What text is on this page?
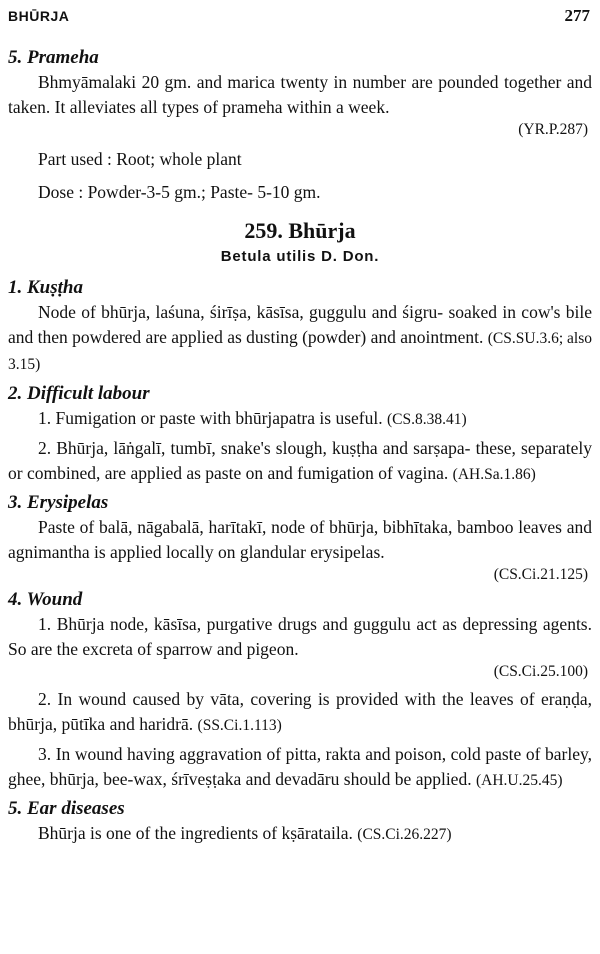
BHŪRJA	277
5. Prameha

Bhmyāmalaki 20 gm. and marica twenty in number are pounded together and taken. It alleviates all types of prameha within a week.

(YR.P.287)
Part used : Root; whole plant
Dose : Powder-3-5 gm.; Paste- 5-10 gm.
259. Bhūrja
Betula utilis D. Don.
1. Kuṣṭha

Node of bhūrja, laśuna, śirīṣa, kāsīsa, guggulu and śigru- soaked in cow's bile and then powdered are applied as dusting (powder) and anointment. (CS.SU.3.6; also 3.15)

2. Difficult labour

1. Fumigation or paste with bhūrjapatra is useful. (CS.8.38.41)

2. Bhūrja, lāṅgalī, tumbī, snake's slough, kuṣṭha and sarṣapa- these, separately or combined, are applied as paste on and fumigation of vagina. (AH.Sa.1.86)

3. Erysipelas

Paste of balā, nāgabalā, harītakī, node of bhūrja, bibhītaka, bamboo leaves and agnimantha is applied locally on glandular erysipelas.

(CS.Ci.21.125)
4. Wound

1. Bhūrja node, kāsīsa, purgative drugs and guggulu act as depressing agents. So are the excreta of sparrow and pigeon.

(CS.Ci.25.100)

2. In wound caused by vāta, covering is provided with the leaves of eraṇḍa, bhūrja, pūtīka and haridrā. (SS.Ci.1.113)

3. In wound having aggravation of pitta, rakta and poison, cold paste of barley, ghee, bhūrja, bee-wax, śrīveṣṭaka and devadāru should be applied. (AH.U.25.45)

5. Ear diseases

Bhūrja is one of the ingredients of kṣārataila. (CS.Ci.26.227)
